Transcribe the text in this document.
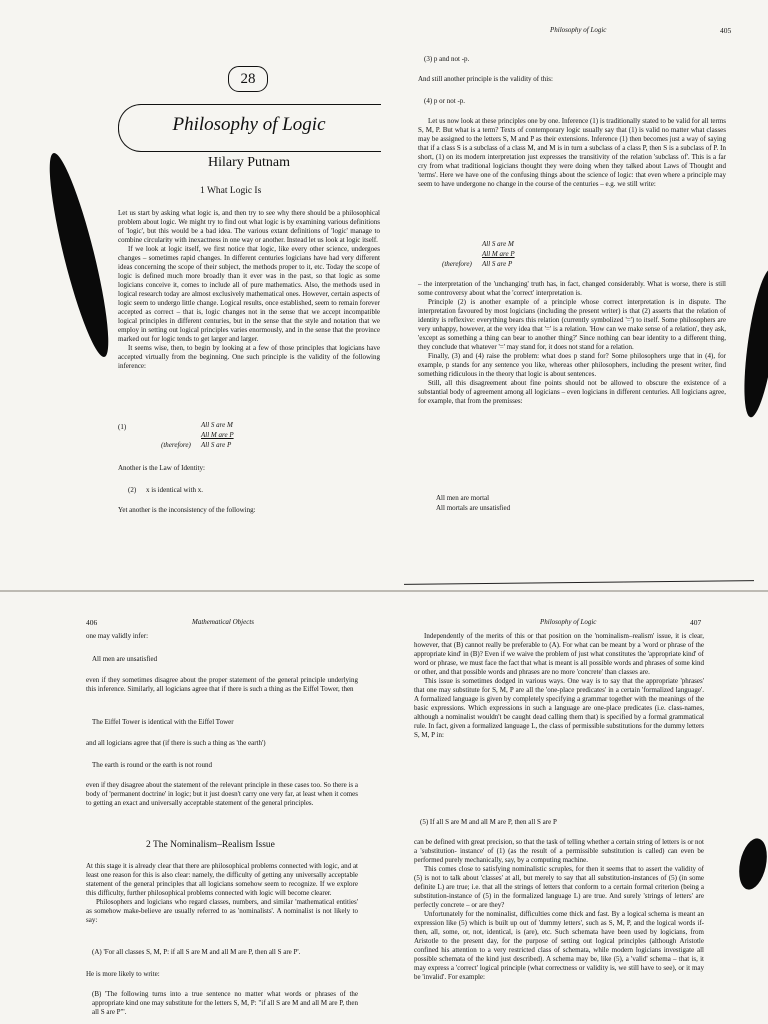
28
Philosophy of Logic
Hilary Putnam
1 What Logic Is

Let us start by asking what logic is, and then try to see why there should be a philosophical problem about logic. We might try to find out what logic is by examining various definitions of 'logic', but this would be a bad idea. The various extant definitions of 'logic' manage to combine circularity with inexactness in one way or another. Instead let us look at logic itself.

If we look at logic itself, we first notice that logic, like every other science, undergoes changes – sometimes rapid changes. In different centuries logicians have had very different ideas concerning the scope of their subject, the methods proper to it, etc. Today the scope of logic is defined much more broadly than it ever was in the past, so that logic as some logicians conceive it, comes to include all of pure mathematics. Also, the methods used in logical research today are almost exclusively mathematical ones. However, certain aspects of logic seem to undergo little change. Logical results, once established, seem to remain forever accepted as correct – that is, logic changes not in the sense that we accept incompatible logical principles in different centuries, but in the sense that the style and notation that we employ in setting out logical principles varies enormously, and in the sense that the province marked out for logic tends to get larger and larger.

It seems wise, then, to begin by looking at a few of those principles that logicians have accepted virtually from the beginning. One such principle is the validity of the following inference:

(1)	All S are M
All M are P
(therefore) All S are P
Another is the Law of Identity:
(2) x is identical with x.
Yet another is the inconsistency of the following:
Philosophy of Logic	405
(3) p and not -p.
And still another principle is the validity of this:
(4) p or not -p.

Let us now look at these principles one by one. Inference (1) is traditionally stated to be valid for all terms S, M, P. But what is a term? Texts of contemporary logic usually say that (1) is valid no matter what classes may be assigned to the letters S, M and P as their extensions. Inference (1) then becomes just a way of saying that if a class S is a subclass of a class M, and M is in turn a subclass of a class P, then S is a subclass of P. In short, (1) on its modern interpretation just expresses the transitivity of the relation 'subclass of'. This is a far cry from what traditional logicians thought they were doing when they talked about Laws of Thought and 'terms'. Here we have one of the confusing things about the science of logic: that even where a principle may seem to have undergone no change in the course of the centuries – e.g. we still write:

All S are M
All M are P
(therefore) All S are P

– the interpretation of the 'unchanging' truth has, in fact, changed considerably. What is worse, there is still some controversy about what the 'correct' interpretation is.

Principle (2) is another example of a principle whose correct interpretation is in dispute. The interpretation favoured by most logicians (including the present writer) is that (2) asserts that the relation of identity is reflexive: everything bears this relation (currently symbolized '=') to itself. Some philosophers are very unhappy, however, at the very idea that '=' is a relation. 'How can we make sense of a relation', they ask, 'except as something a thing can bear to another thing?' Since nothing can bear identity to a different thing, they conclude that whatever '=' may stand for, it does not stand for a relation.

Finally, (3) and (4) raise the problem: what does p stand for? Some philosophers urge that in (4), for example, p stands for any sentence you like, whereas other philosophers, including the present writer, find something ridiculous in the theory that logic is about sentences.

Still, all this disagreement about fine points should not be allowed to obscure the existence of a substantial body of agreement among all logicians – even logicians in different centuries. All logicians agree, for example, that from the premisses:

All men are mortal
All mortals are unsatisfied
406	Mathematical Objects
one may validly infer:
All men are unsatisfied

even if they sometimes disagree about the proper statement of the general principle underlying this inference. Similarly, all logicians agree that if there is such a thing as the Eiffel Tower, then

The Eiffel Tower is identical with the Eiffel Tower
and all logicians agree that (if there is such a thing as 'the earth')
The earth is round or the earth is not round

even if they disagree about the statement of the relevant principle in these cases too. So there is a body of 'permanent doctrine' in logic; but it just doesn't carry one very far, at least when it comes to getting an exact and universally acceptable statement of the general principles.

2 The Nominalism–Realism Issue

At this stage it is already clear that there are philosophical problems connected with logic, and at least one reason for this is also clear: namely, the difficulty of getting any universally acceptable statement of the general principles that all logicians somehow seem to recognize. If we explore this difficulty, further philosophical problems connected with logic will become clearer.

Philosophers and logicians who regard classes, numbers, and similar 'mathematical entities' as somehow make-believe are usually referred to as 'nominalists'. A nominalist is not likely to say:

(A) 'For all classes S, M, P: if all S are M and all M are P, then all S are P'.
He is more likely to write:
(B) 'The following turns into a true sentence no matter what words or phrases of the appropriate kind one may substitute for the letters S, M, P: "if all S are M and all M are P, then all S are P"'.
Philosophy of Logic	407

Independently of the merits of this or that position on the 'nominalism–realism' issue, it is clear, however, that (B) cannot really be preferable to (A). For what can be meant by a 'word or phrase of the appropriate kind' in (B)? Even if we waive the problem of just what constitutes the 'appropriate kind' of word or phrase, we must face the fact that what is meant is all possible words and phrases of some kind or other, and that possible words and phrases are no more 'concrete' than classes are.

This issue is sometimes dodged in various ways. One way is to say that the appropriate 'phrases' that one may substitute for S, M, P are all the 'one-place predicates' in a certain 'formalized language'. A formalized language is given by completely specifying a grammar together with the meanings of the basic expressions. Which expressions in such a language are one-place predicates (i.e. class-names, although a nominalist wouldn't be caught dead calling them that) is specified by a formal grammatical rule. In fact, given a formalized language L, the class of permissible substitutions for the dummy letters S, M, P in:

(5) If all S are M and all M are P, then all S are P

can be defined with great precision, so that the task of telling whether a certain string of letters is or not a 'substitution- instance' of (1) (as the result of a permissible substitution is called) can even be performed purely mechanically, say, by a computing machine.

This comes close to satisfying nominalistic scruples, for then it seems that to assert the validity of (5) is not to talk about 'classes' at all, but merely to say that all substitution-instances of (5) (in some definite L) are true; i.e. that all the strings of letters that conform to a certain formal criterion (being a substitution-instance of (5) in the formalized language L) are true. And surely 'strings of letters' are perfectly concrete – or are they?

Unfortunately for the nominalist, difficulties come thick and fast. By a logical schema is meant an expression like (5) which is built up out of 'dummy letters', such as S, M, P, and the logical words if-then, all, some, or, not, identical, is (are), etc. Such schemata have been used by logicians, from Aristotle to the present day, for the purpose of setting out logical principles (although Aristotle confined his attention to a very restricted class of schemata, while modern logicians investigate all possible schemata of the kind just described). A schema may be, like (5), a 'valid' schema – that is, it may express a 'correct' logical principle (what correctness or validity is, we still have to see), or it may be 'invalid'. For example:
